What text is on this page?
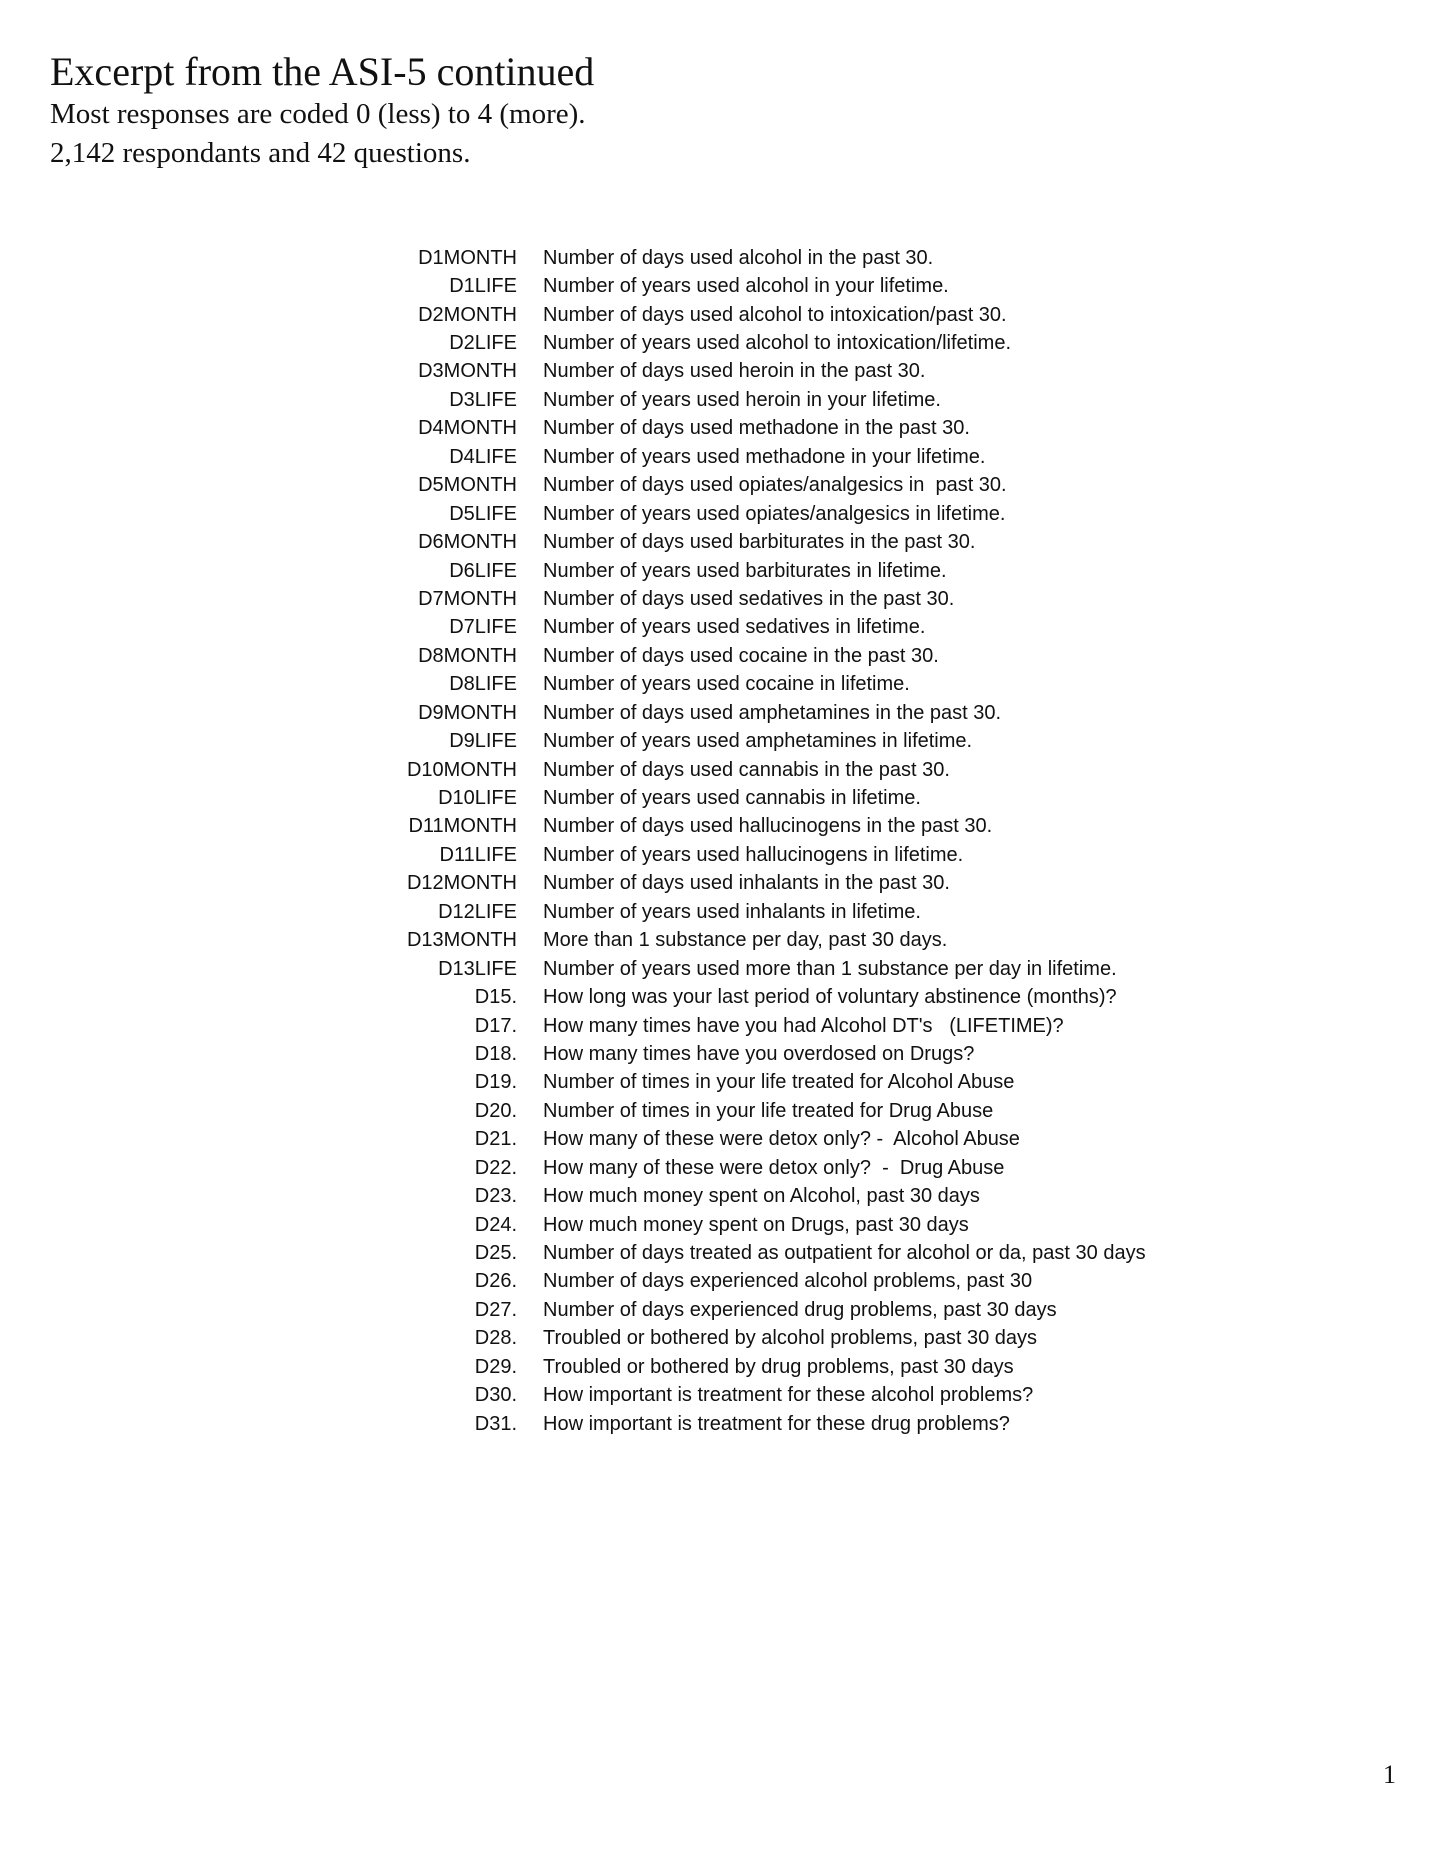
Excerpt from the ASI-5 continued
Most responses are coded 0 (less) to 4 (more).
2,142 respondants and 42 questions.
D1MONTH	Number of days used alcohol in the past 30.
D1LIFE	Number of years used alcohol in your lifetime.
D2MONTH	Number of days used alcohol to intoxication/past 30.
D2LIFE	Number of years used alcohol to intoxication/lifetime.
D3MONTH	Number of days used heroin in the past 30.
D3LIFE	Number of years used heroin in your lifetime.
D4MONTH	Number of days used methadone in the past 30.
D4LIFE	Number of years used methadone in your lifetime.
D5MONTH	Number of days used opiates/analgesics in  past 30.
D5LIFE	Number of years used opiates/analgesics in lifetime.
D6MONTH	Number of days used barbiturates in the past 30.
D6LIFE	Number of years used barbiturates in lifetime.
D7MONTH	Number of days used sedatives in the past 30.
D7LIFE	Number of years used sedatives in lifetime.
D8MONTH	Number of days used cocaine in the past 30.
D8LIFE	Number of years used cocaine in lifetime.
D9MONTH	Number of days used amphetamines in the past 30.
D9LIFE	Number of years used amphetamines in lifetime.
D10MONTH	Number of days used cannabis in the past 30.
D10LIFE	Number of years used cannabis in lifetime.
D11MONTH	Number of days used hallucinogens in the past 30.
D11LIFE	Number of years used hallucinogens in lifetime.
D12MONTH	Number of days used inhalants in the past 30.
D12LIFE	Number of years used inhalants in lifetime.
D13MONTH	More than 1 substance per day, past 30 days.
D13LIFE	Number of years used more than 1 substance per day in lifetime.
D15.	How long was your last period of voluntary abstinence (months)?
D17.	How many times have you had Alcohol DT's   (LIFETIME)?
D18.	How many times have you overdosed on Drugs?
D19.	Number of times in your life treated for Alcohol Abuse
D20.	Number of times in your life treated for Drug Abuse
D21.	How many of these were detox only? -  Alcohol Abuse
D22.	How many of these were detox only?  -  Drug Abuse
D23.	How much money spent on Alcohol, past 30 days
D24.	How much money spent on Drugs, past 30 days
D25.	Number of days treated as outpatient for alcohol or da, past 30 days
D26.	Number of days experienced alcohol problems, past 30
D27.	Number of days experienced drug problems, past 30 days
D28.	Troubled or bothered by alcohol problems, past 30 days
D29.	Troubled or bothered by drug problems, past 30 days
D30.	How important is treatment for these alcohol problems?
D31.	How important is treatment for these drug problems?
1
